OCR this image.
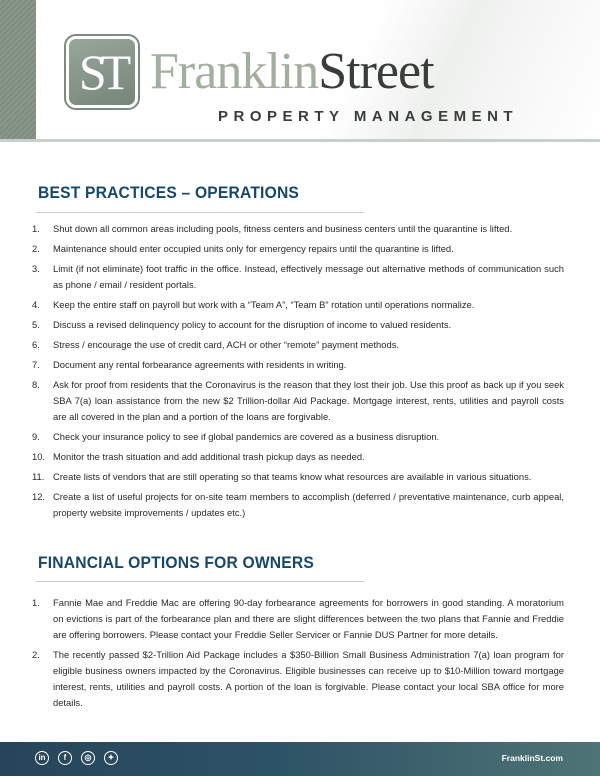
ST FranklinStreet
PROPERTY MANAGEMENT
BEST PRACTICES – OPERATIONS
1. Shut down all common areas including pools, fitness centers and business centers until the quarantine is lifted.
2. Maintenance should enter occupied units only for emergency repairs until the quarantine is lifted.
3. Limit (if not eliminate) foot traffic in the office. Instead, effectively message out alternative methods of communication such as phone / email / resident portals.
4. Keep the entire staff on payroll but work with a “Team A”, “Team B” rotation until operations normalize.
5. Discuss a revised delinquency policy to account for the disruption of income to valued residents.
6. Stress / encourage the use of credit card, ACH or other “remote” payment methods.
7. Document any rental forbearance agreements with residents in writing.
8. Ask for proof from residents that the Coronavirus is the reason that they lost their job. Use this proof as back up if you seek SBA 7(a) loan assistance from the new $2 Trillion-dollar Aid Package. Mortgage interest, rents, utilities and payroll costs are all covered in the plan and a portion of the loans are forgivable.
9. Check your insurance policy to see if global pandemics are covered as a business disruption.
10. Monitor the trash situation and add additional trash pickup days as needed.
11. Create lists of vendors that are still operating so that teams know what resources are available in various situations.
12. Create a list of useful projects for on-site team members to accomplish (deferred / preventative maintenance, curb appeal, property website improvements / updates etc.)
FINANCIAL OPTIONS FOR OWNERS
1. Fannie Mae and Freddie Mac are offering 90-day forbearance agreements for borrowers in good standing. A moratorium on evictions is part of the forbearance plan and there are slight differences between the two plans that Fannie and Freddie are offering borrowers. Please contact your Freddie Seller Servicer or Fannie DUS Partner for more details.
2. The recently passed $2-Trillion Aid Package includes a $350-Billion Small Business Administration 7(a) loan program for eligible business owners impacted by the Coronavirus. Eligible businesses can receive up to $10-Million toward mortgage interest, rents, utilities and payroll costs. A portion of the loan is forgivable. Please contact your local SBA office for more details.
in	f	◎	✦	FranklinSt.com
